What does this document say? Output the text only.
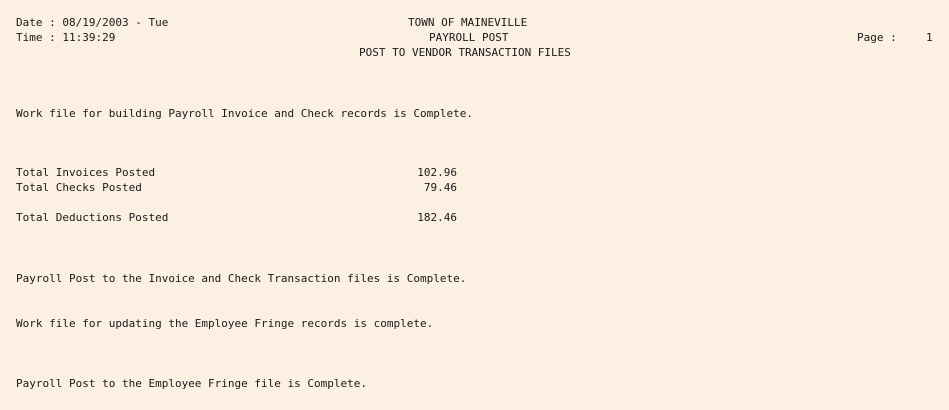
Date : 08/19/2003 - Tue
Time : 11:39:29
TOWN OF MAINEVILLE
PAYROLL POST
POST TO VENDOR TRANSACTION FILES
Page :	1
Work file for building Payroll Invoice and Check records is Complete.
Total Invoices Posted	102.96
Total Checks Posted	79.46
Total Deductions Posted	182.46
Payroll Post to the Invoice and Check Transaction files is Complete.
Work file for updating the Employee Fringe records is complete.
Payroll Post to the Employee Fringe file is Complete.
